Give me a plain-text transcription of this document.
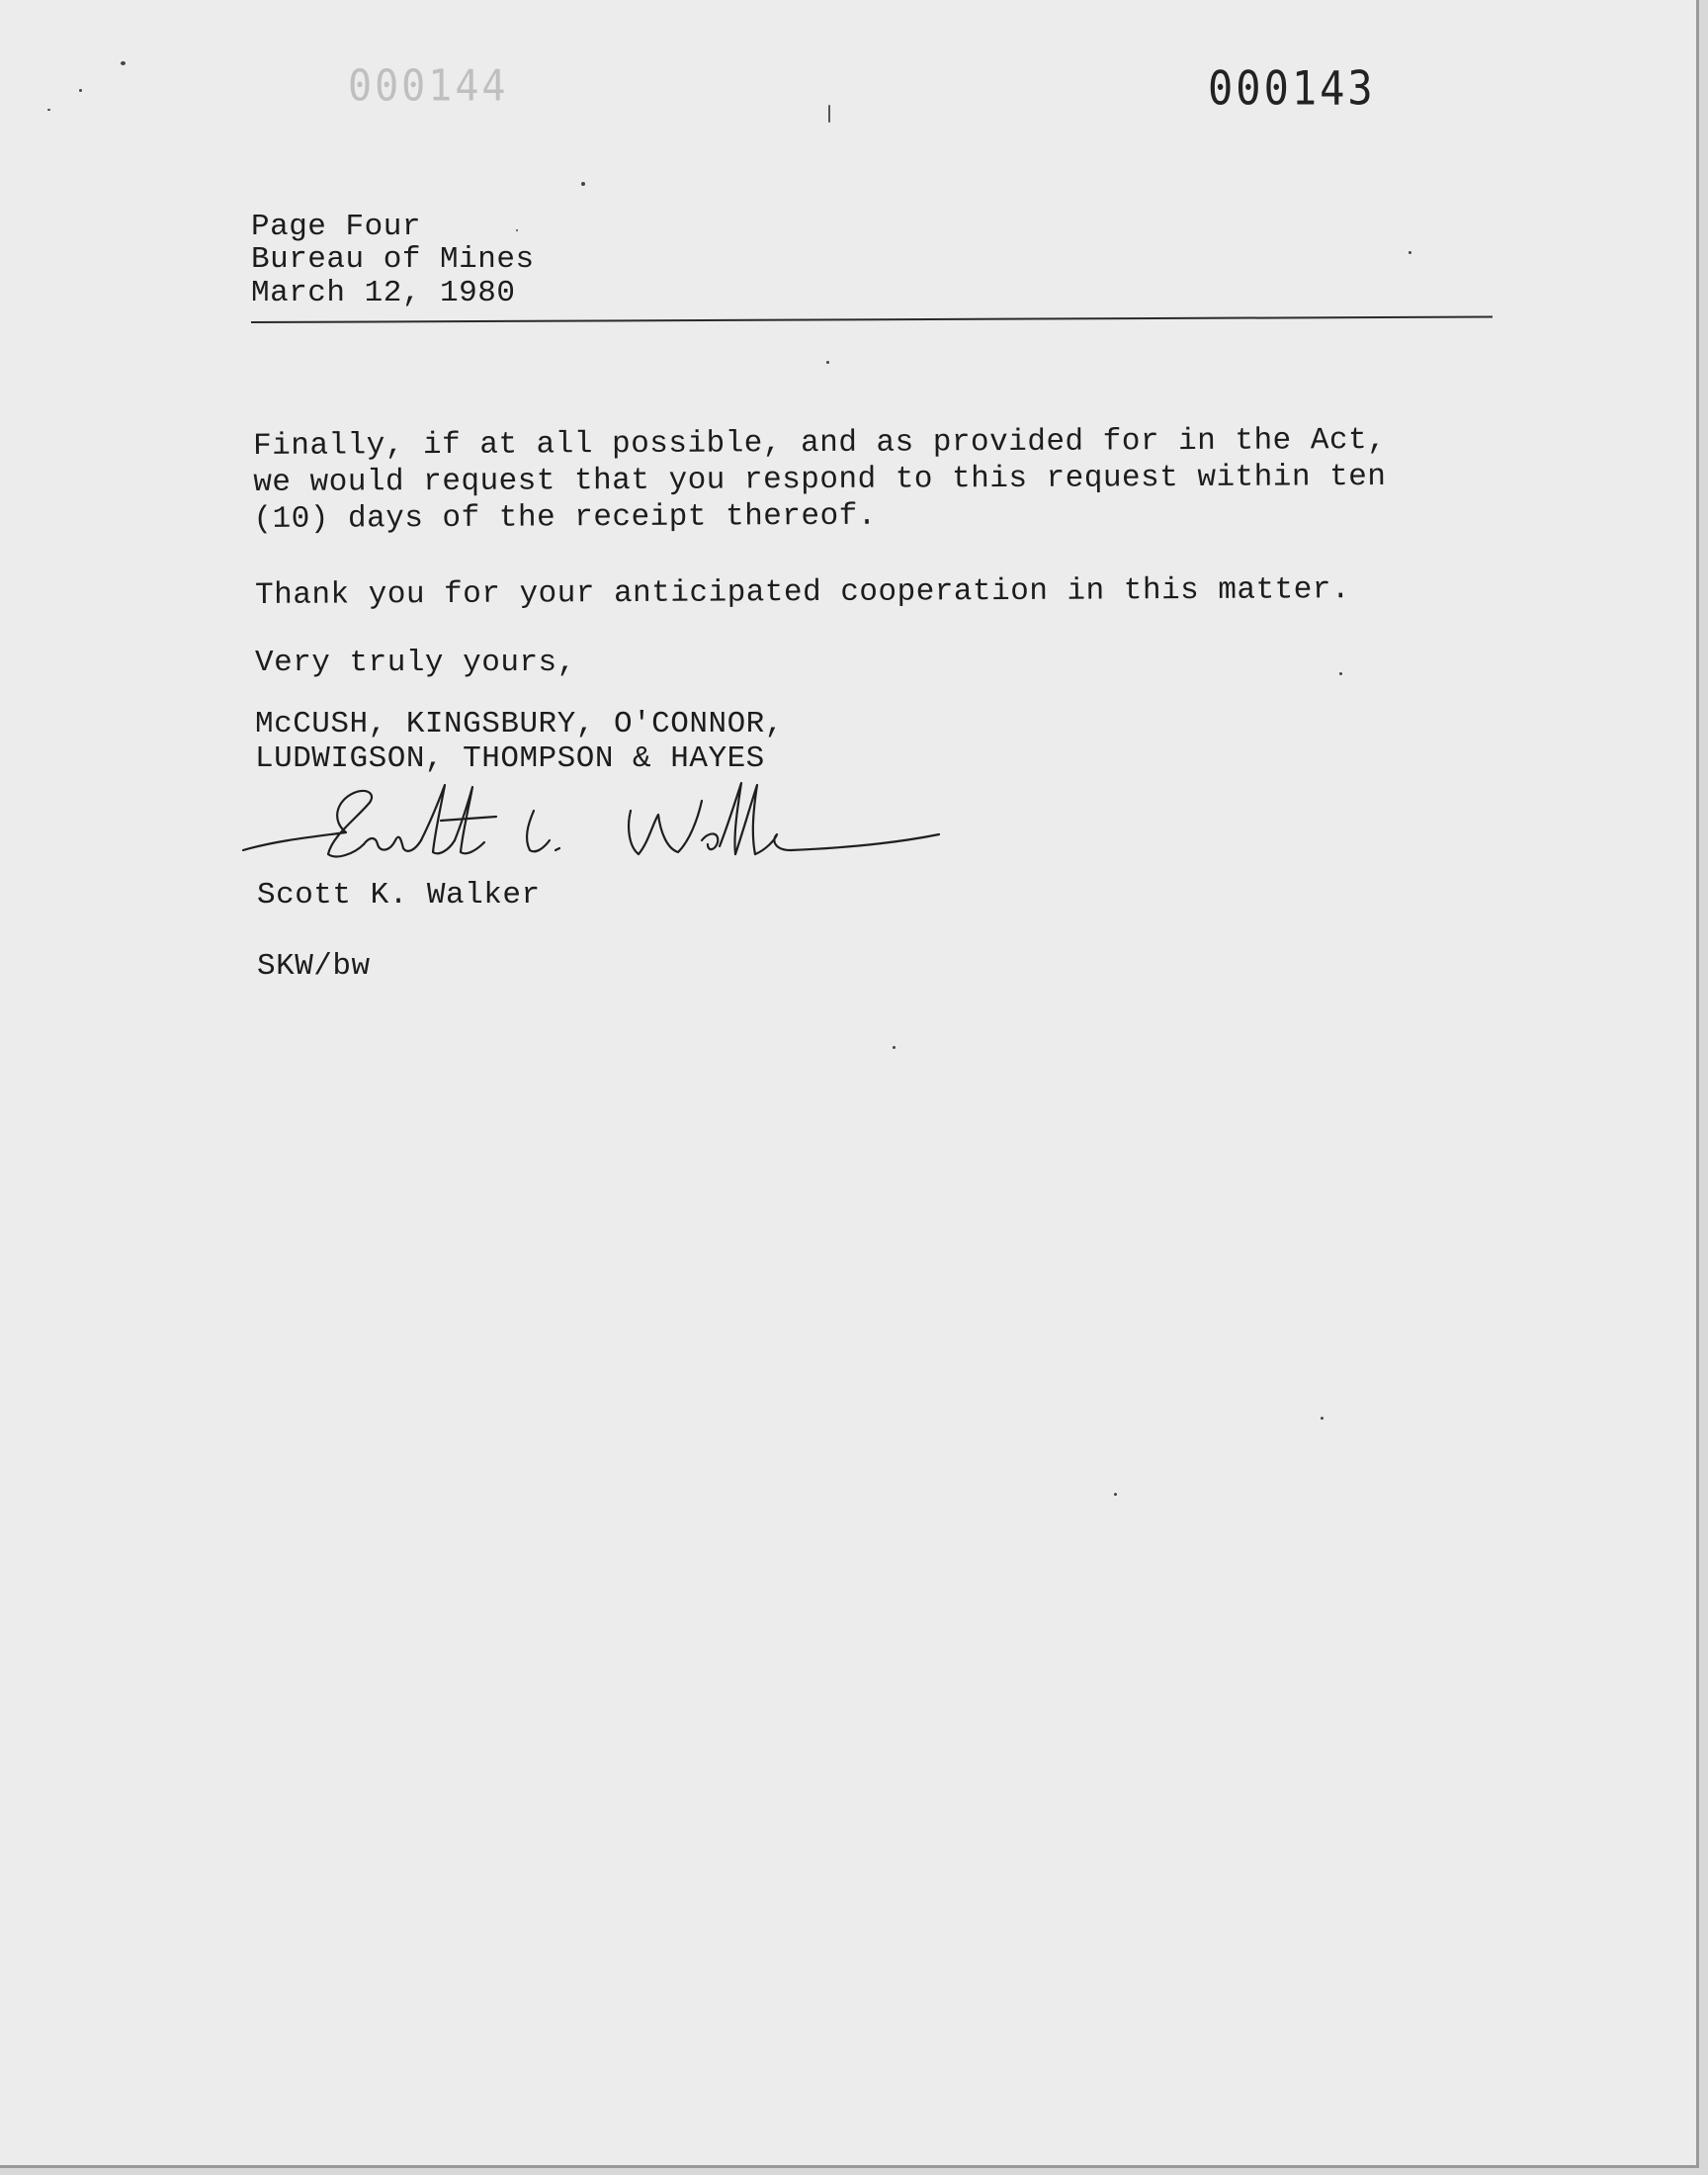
000144	000143
Page Four
Bureau of Mines
March 12, 1980
Finally, if at all possible, and as provided for in the Act,
we would request that you respond to this request within ten
(10) days of the receipt thereof.
Thank you for your anticipated cooperation in this matter.
Very truly yours,
McCUSH, KINGSBURY, O'CONNOR,
LUDWIGSON, THOMPSON & HAYES
Scott K. Walker
SKW/bw
